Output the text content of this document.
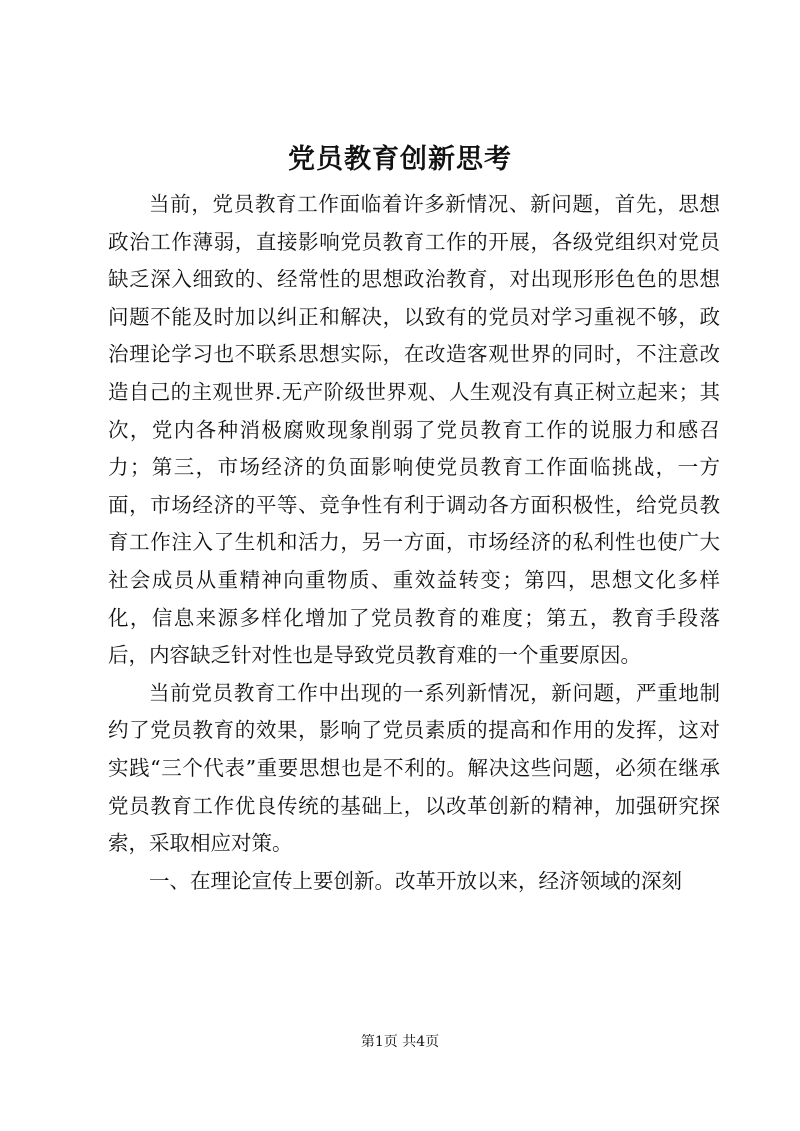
党员教育创新思考

当前，党员教育工作面临着许多新情况、新问题，首先，思想政治工作薄弱，直接影响党员教育工作的开展，各级党组织对党员缺乏深入细致的、经常性的思想政治教育，对出现形形色色的思想问题不能及时加以纠正和解决，以致有的党员对学习重视不够，政治理论学习也不联系思想实际，在改造客观世界的同时，不注意改造自己的主观世界.无产阶级世界观、人生观没有真正树立起来；其次，党内各种消极腐败现象削弱了党员教育工作的说服力和感召力；第三，市场经济的负面影响使党员教育工作面临挑战，一方面，市场经济的平等、竞争性有利于调动各方面积极性，给党员教育工作注入了生机和活力，另一方面，市场经济的私利性也使广大社会成员从重精神向重物质、重效益转变；第四，思想文化多样化，信息来源多样化增加了党员教育的难度；第五，教育手段落后，内容缺乏针对性也是导致党员教育难的一个重要原因。

当前党员教育工作中出现的一系列新情况，新问题，严重地制约了党员教育的效果，影响了党员素质的提高和作用的发挥，这对实践“三个代表”重要思想也是不利的。解决这些问题，必须在继承党员教育工作优良传统的基础上，以改革创新的精神，加强研究探索，采取相应对策。

一、在理论宣传上要创新。改革开放以来，经济领域的深刻

第1页 共4页
